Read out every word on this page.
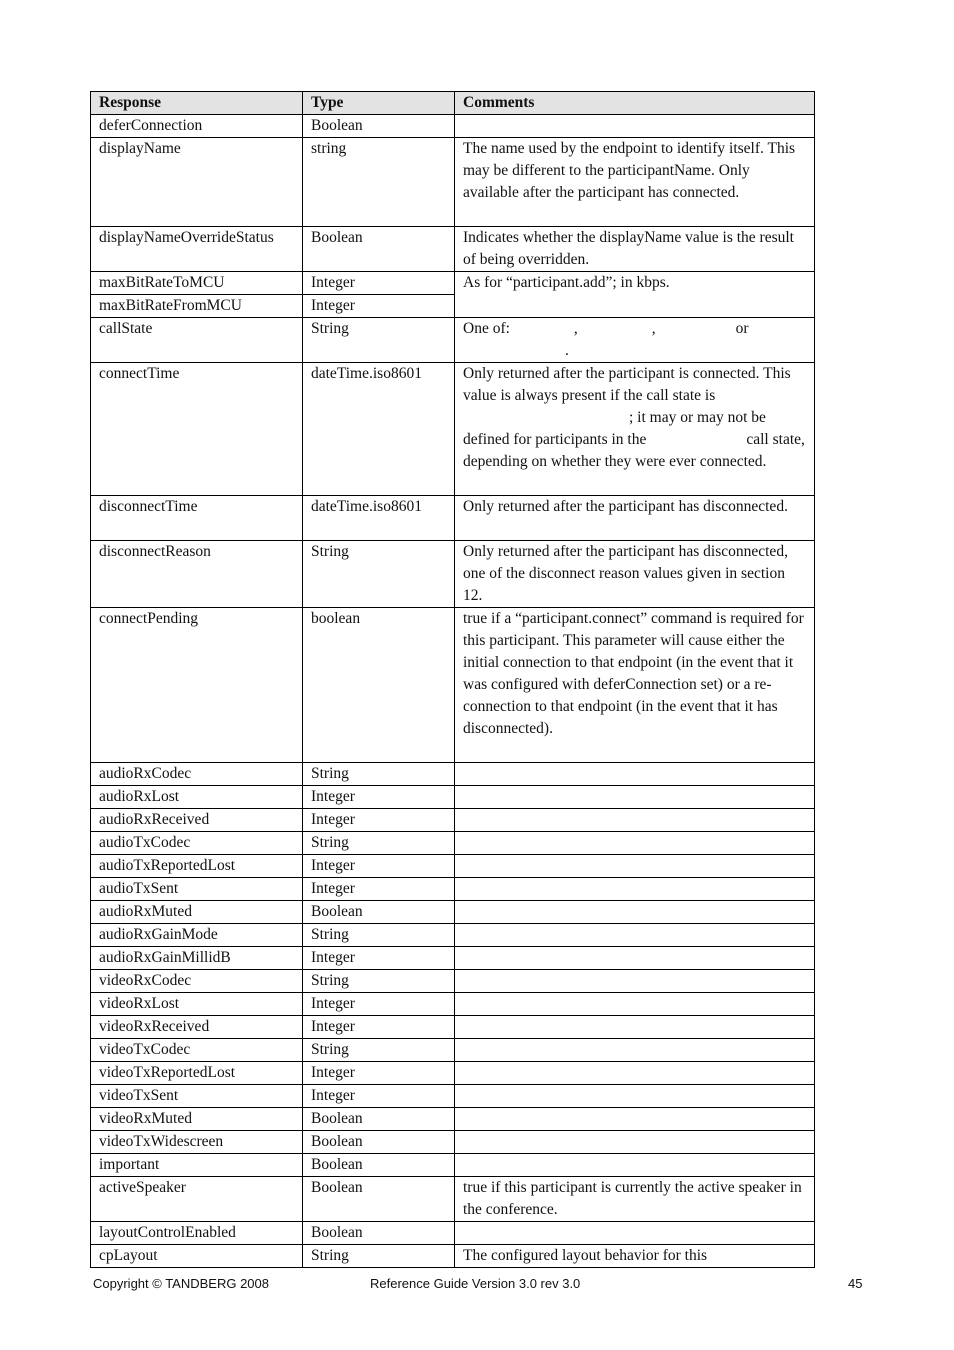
Response	Type	Comments
deferConnection	Boolean	
displayName	string	The name used by the endpoint to identify itself. This may be different to the participantName. Only available after the participant has connected.
displayNameOverrideStatus	Boolean	Indicates whether the displayName value is the result of being overridden.
maxBitRateToMCU	Integer	As for “participant.add”; in kbps.
maxBitRateFromMCU	Integer	
callState	String	One of: , , or
.
connectTime	dateTime.iso8601	Only returned after the participant is connected. This value is always present if the call state is
; it may or may not be defined for participants in the call state, depending on whether they were ever connected.
disconnectTime	dateTime.iso8601	Only returned after the participant has disconnected.
disconnectReason	String	Only returned after the participant has disconnected, one of the disconnect reason values given in section 12.
connectPending	boolean	true if a “participant.connect” command is required for this participant. This parameter will cause either the initial connection to that endpoint (in the event that it was configured with deferConnection set) or a re-connection to that endpoint (in the event that it has disconnected).
audioRxCodec	String	
audioRxLost	Integer	
audioRxReceived	Integer	
audioTxCodec	String	
audioTxReportedLost	Integer	
audioTxSent	Integer	
audioRxMuted	Boolean	
audioRxGainMode	String	
audioRxGainMillidB	Integer	
videoRxCodec	String	
videoRxLost	Integer	
videoRxReceived	Integer	
videoTxCodec	String	
videoTxReportedLost	Integer	
videoTxSent	Integer	
videoRxMuted	Boolean	
videoTxWidescreen	Boolean	
important	Boolean	
activeSpeaker	Boolean	true if this participant is currently the active speaker in the conference.
layoutControlEnabled	Boolean	
cpLayout	String	The configured layout behavior for this
Copyright © TANDBERG 2008	Reference Guide Version 3.0 rev 3.0	45
